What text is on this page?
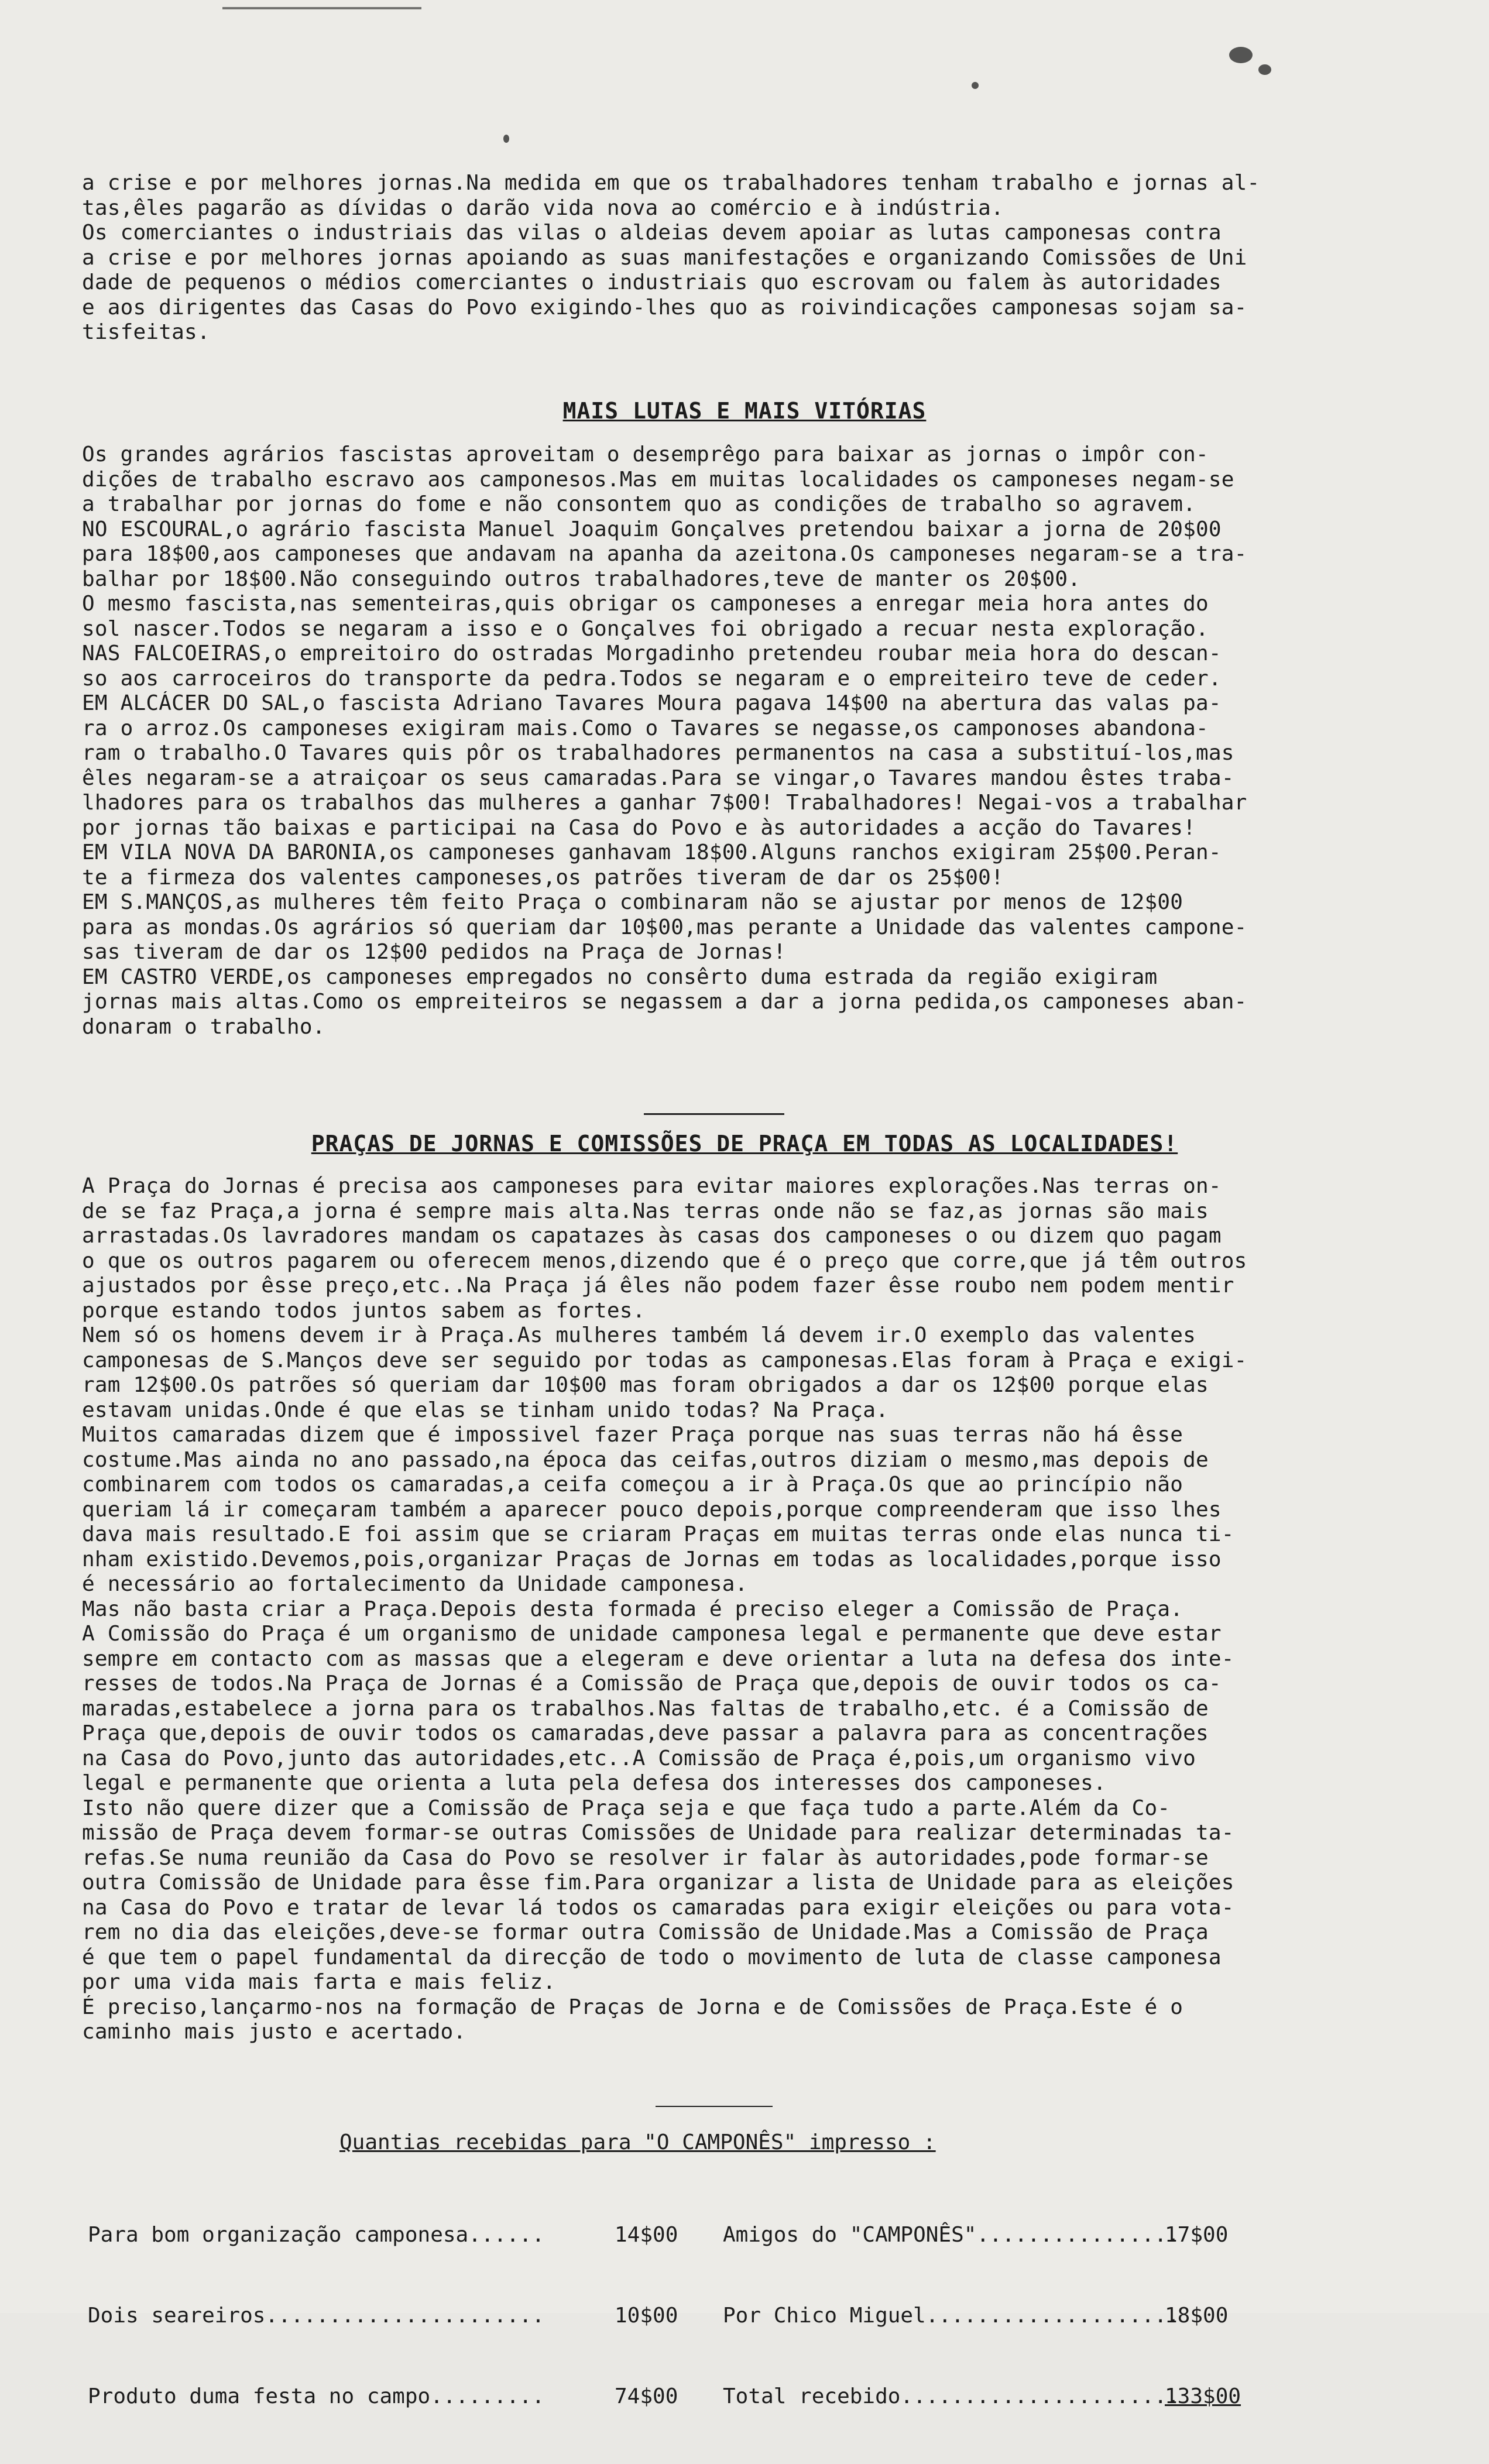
a crise e por melhores jornas.Na medida em que os trabalhadores tenham trabalho e jornas al-
tas,êles pagarão as dívidas o darão vida nova ao comércio e à indústria.
Os comerciantes o industriais das vilas o aldeias devem apoiar as lutas camponesas contra
a crise e por melhores jornas apoiando as suas manifestações e organizando Comissões de Uni
dade de pequenos o médios comerciantes o industriais quo escrovam ou falem às autoridades
e aos dirigentes das Casas do Povo exigindo-lhes quo as roivindicações camponesas sojam sa-
tisfeitas.
MAIS LUTAS E MAIS VITÓRIAS
Os grandes agrários fascistas aproveitam o desemprêgo para baixar as jornas o impôr con-
dições de trabalho escravo aos camponesos.Mas em muitas localidades os camponeses negam-se
a trabalhar por jornas do fome e não consontem quo as condições de trabalho so agravem.
NO ESCOURAL,o agrário fascista Manuel Joaquim Gonçalves pretendou baixar a jorna de 20$00
para 18$00,aos camponeses que andavam na apanha da azeitona.Os camponeses negaram-se a tra-
balhar por 18$00.Não conseguindo outros trabalhadores,teve de manter os 20$00.
O mesmo fascista,nas sementeiras,quis obrigar os camponeses a enregar meia hora antes do
sol nascer.Todos se negaram a isso e o Gonçalves foi obrigado a recuar nesta exploração.
NAS FALCOEIRAS,o empreitoiro do ostradas Morgadinho pretendeu roubar meia hora do descan-
so aos carroceiros do transporte da pedra.Todos se negaram e o empreiteiro teve de ceder.
EM ALCÁCER DO SAL,o fascista Adriano Tavares Moura pagava 14$00 na abertura das valas pa-
ra o arroz.Os camponeses exigiram mais.Como o Tavares se negasse,os camponoses abandona-
ram o trabalho.O Tavares quis pôr os trabalhadores permanentos na casa a substituí-los,mas
êles negaram-se a atraiçoar os seus camaradas.Para se vingar,o Tavares mandou êstes traba-
lhadores para os trabalhos das mulheres a ganhar 7$00! Trabalhadores! Negai-vos a trabalhar
por jornas tão baixas e participai na Casa do Povo e às autoridades a acção do Tavares!
EM VILA NOVA DA BARONIA,os camponeses ganhavam 18$00.Alguns ranchos exigiram 25$00.Peran-
te a firmeza dos valentes camponeses,os patrões tiveram de dar os 25$00!
EM S.MANÇOS,as mulheres têm feito Praça o combinaram não se ajustar por menos de 12$00
para as mondas.Os agrários só queriam dar 10$00,mas perante a Unidade das valentes campone-
sas tiveram de dar os 12$00 pedidos na Praça de Jornas!
EM CASTRO VERDE,os camponeses empregados no consêrto duma estrada da região exigiram
jornas mais altas.Como os empreiteiros se negassem a dar a jorna pedida,os camponeses aban-
donaram o trabalho.
PRAÇAS DE JORNAS E COMISSÕES DE PRAÇA EM TODAS AS LOCALIDADES!
A Praça do Jornas é precisa aos camponeses para evitar maiores explorações.Nas terras on-
de se faz Praça,a jorna é sempre mais alta.Nas terras onde não se faz,as jornas são mais
arrastadas.Os lavradores mandam os capatazes às casas dos camponeses o ou dizem quo pagam
o que os outros pagarem ou oferecem menos,dizendo que é o preço que corre,que já têm outros
ajustados por êsse preço,etc..Na Praça já êles não podem fazer êsse roubo nem podem mentir
porque estando todos juntos sabem as fortes.
Nem só os homens devem ir à Praça.As mulheres também lá devem ir.O exemplo das valentes
camponesas de S.Manços deve ser seguido por todas as camponesas.Elas foram à Praça e exigi-
ram 12$00.Os patrões só queriam dar 10$00 mas foram obrigados a dar os 12$00 porque elas
estavam unidas.Onde é que elas se tinham unido todas? Na Praça.
Muitos camaradas dizem que é impossivel fazer Praça porque nas suas terras não há êsse
costume.Mas ainda no ano passado,na época das ceifas,outros diziam o mesmo,mas depois de
combinarem com todos os camaradas,a ceifa começou a ir à Praça.Os que ao princípio não
queriam lá ir começaram também a aparecer pouco depois,porque compreenderam que isso lhes
dava mais resultado.E foi assim que se criaram Praças em muitas terras onde elas nunca ti-
nham existido.Devemos,pois,organizar Praças de Jornas em todas as localidades,porque isso
é necessário ao fortalecimento da Unidade camponesa.
Mas não basta criar a Praça.Depois desta formada é preciso eleger a Comissão de Praça.
A Comissão do Praça é um organismo de unidade camponesa legal e permanente que deve estar
sempre em contacto com as massas que a elegeram e deve orientar a luta na defesa dos inte-
resses de todos.Na Praça de Jornas é a Comissão de Praça que,depois de ouvir todos os ca-
maradas,estabelece a jorna para os trabalhos.Nas faltas de trabalho,etc. é a Comissão de
Praça que,depois de ouvir todos os camaradas,deve passar a palavra para as concentrações
na Casa do Povo,junto das autoridades,etc..A Comissão de Praça é,pois,um organismo vivo
legal e permanente que orienta a luta pela defesa dos interesses dos camponeses.
Isto não quere dizer que a Comissão de Praça seja e que faça tudo a parte.Além da Co-
missão de Praça devem formar-se outras Comissões de Unidade para realizar determinadas ta-
refas.Se numa reunião da Casa do Povo se resolver ir falar às autoridades,pode formar-se
outra Comissão de Unidade para êsse fim.Para organizar a lista de Unidade para as eleições
na Casa do Povo e tratar de levar lá todos os camaradas para exigir eleições ou para vota-
rem no dia das eleições,deve-se formar outra Comissão de Unidade.Mas a Comissão de Praça
é que tem o papel fundamental da direcção de todo o movimento de luta de classe camponesa
por uma vida mais farta e mais feliz.
É preciso,lançarmo-nos na formação de Praças de Jorna e de Comissões de Praça.Este é o
caminho mais justo e acertado.
Quantias recebidas para "O CAMPONÊS" impresso :

Para bom organização camponesa......

Dois seareiros......................

Produto duma festa no campo.........

14$00

10$00

74$00

Amigos do "CAMPONÊS"................

Por Chico Miguel....................

Total recebido......................

17$00

18$00

133$00
